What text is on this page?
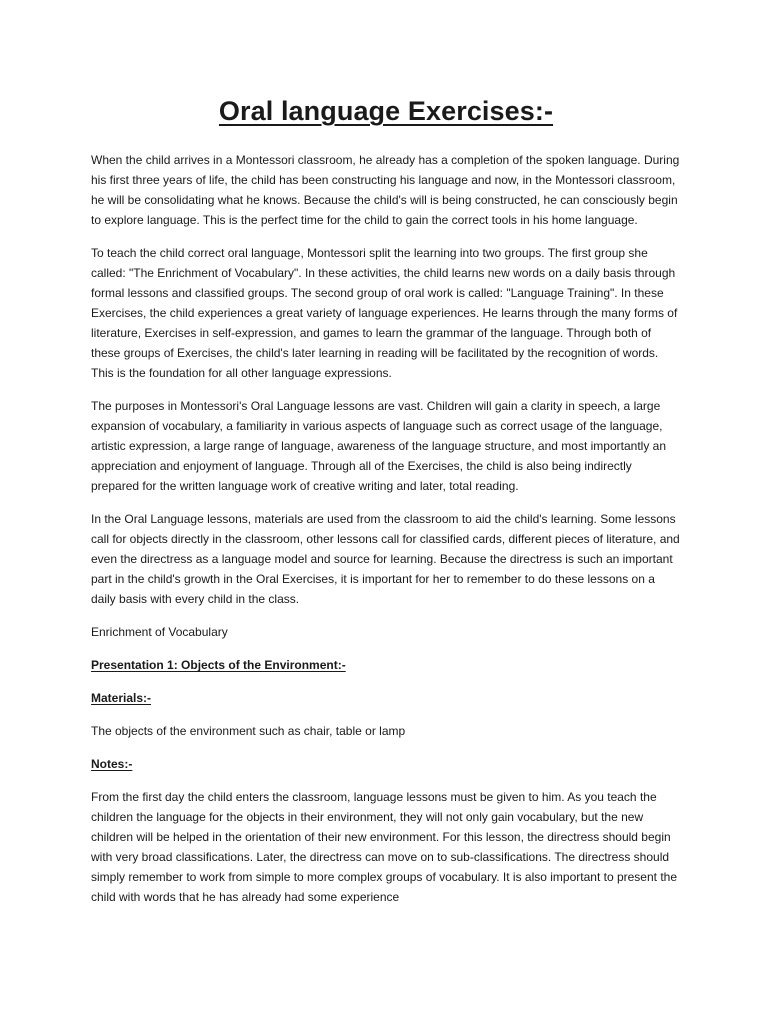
Oral language Exercises:-

When the child arrives in a Montessori classroom, he already has a completion of the spoken language. During his first three years of life, the child has been constructing his language and now, in the Montessori classroom, he will be consolidating what he knows. Because the child's will is being constructed, he can consciously begin to explore language. This is the perfect time for the child to gain the correct tools in his home language.

To teach the child correct oral language, Montessori split the learning into two groups. The first group she called: "The Enrichment of Vocabulary". In these activities, the child learns new words on a daily basis through formal lessons and classified groups. The second group of oral work is called: "Language Training". In these Exercises, the child experiences a great variety of language experiences. He learns through the many forms of literature, Exercises in self-expression, and games to learn the grammar of the language. Through both of these groups of Exercises, the child's later learning in reading will be facilitated by the recognition of words. This is the foundation for all other language expressions.

The purposes in Montessori's Oral Language lessons are vast. Children will gain a clarity in speech, a large expansion of vocabulary, a familiarity in various aspects of language such as correct usage of the language, artistic expression, a large range of language, awareness of the language structure, and most importantly an appreciation and enjoyment of language. Through all of the Exercises, the child is also being indirectly prepared for the written language work of creative writing and later, total reading.

In the Oral Language lessons, materials are used from the classroom to aid the child's learning. Some lessons call for objects directly in the classroom, other lessons call for classified cards, different pieces of literature, and even the directress as a language model and source for learning. Because the directress is such an important part in the child's growth in the Oral Exercises, it is important for her to remember to do these lessons on a daily basis with every child in the class.

Enrichment of Vocabulary

Presentation 1: Objects of the Environment:-

Materials:-

The objects of the environment such as chair, table or lamp

Notes:-

From the first day the child enters the classroom, language lessons must be given to him. As you teach the children the language for the objects in their environment, they will not only gain vocabulary, but the new children will be helped in the orientation of their new environment. For this lesson, the directress should begin with very broad classifications. Later, the directress can move on to sub-classifications. The directress should simply remember to work from simple to more complex groups of vocabulary. It is also important to present the child with words that he has already had some experience
